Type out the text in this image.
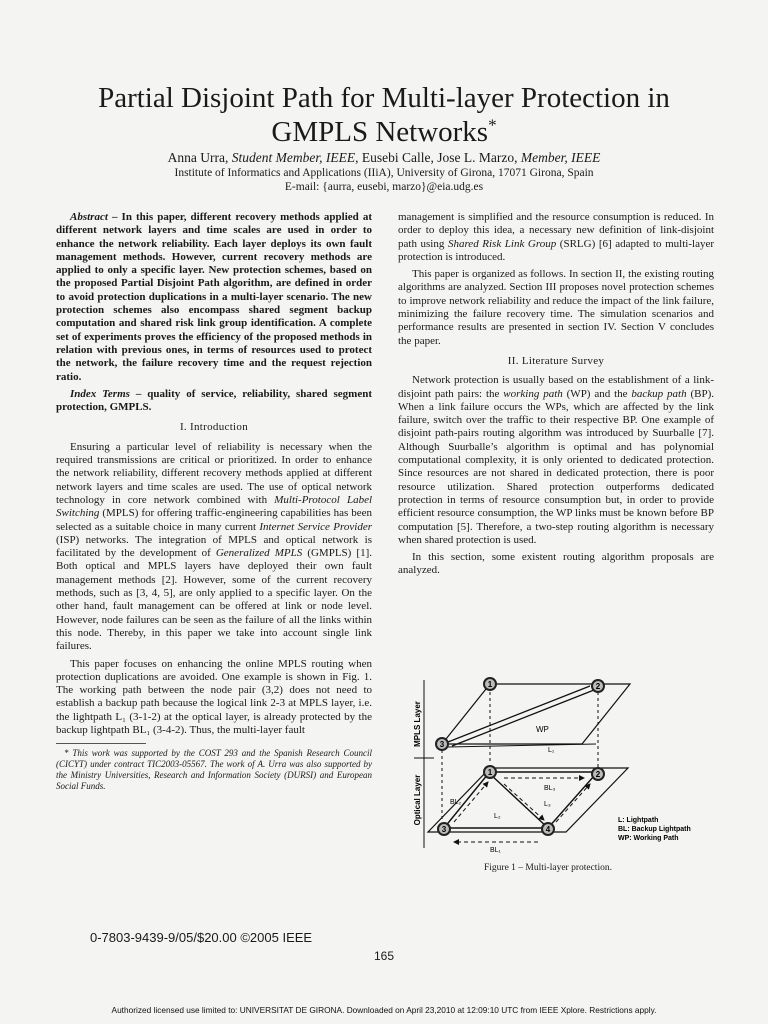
Partial Disjoint Path for Multi-layer Protection in
GMPLS Networks*
Anna Urra, Student Member, IEEE, Eusebi Calle, Jose L. Marzo, Member, IEEE
Institute of Informatics and Applications (IIiA), University of Girona, 17071 Girona, Spain
E-mail: {aurra, eusebi, marzo}@eia.udg.es

Abstract – In this paper, different recovery methods applied at different network layers and time scales are used in order to enhance the network reliability. Each layer deploys its own fault management methods. However, current recovery methods are applied to only a specific layer. New protection schemes, based on the proposed Partial Disjoint Path algorithm, are defined in order to avoid protection duplications in a multi-layer scenario. The new protection schemes also encompass shared segment backup computation and shared risk link group identification. A complete set of experiments proves the efficiency of the proposed methods in relation with previous ones, in terms of resources used to protect the network, the failure recovery time and the request rejection ratio.

Index Terms – quality of service, reliability, shared segment protection, GMPLS.

I. Introduction

Ensuring a particular level of reliability is necessary when the required transmissions are critical or prioritized. In order to enhance the network reliability, different recovery methods applied at different network layers and time scales are used. The use of optical network technology in core network combined with Multi-Protocol Label Switching (MPLS) for offering traffic-engineering capabilities has been selected as a suitable choice in many current Internet Service Provider (ISP) networks. The integration of MPLS and optical network is facilitated by the development of Generalized MPLS (GMPLS) [1]. Both optical and MPLS layers have deployed their own fault management methods [2]. However, some of the current recovery methods, such as [3, 4, 5], are only applied to a specific layer. On the other hand, fault management can be offered at link or node level. However, node failures can be seen as the failure of all the links within this node. Thereby, in this paper we take into account single link failures.

This paper focuses on enhancing the online MPLS routing when protection duplications are avoided. One example is shown in Fig. 1. The working path between the node pair (3,2) does not need to establish a backup path because the logical link 2-3 at MPLS layer, i.e. the lightpath L₁ (3-1-2) at the optical layer, is already protected by the backup lightpath BL₁ (3-4-2). Thus, the multi-layer fault

* This work was supported by the COST 293 and the Spanish Research Council (CICYT) under contract TIC2003-05567. The work of A. Urra was also supported by the Ministry Universities, Research and Information Society (DURSI) and European Social Funds.

management is simplified and the resource consumption is reduced. In order to deploy this idea, a necessary new definition of link-disjoint path using Shared Risk Link Group (SRLG) [6] adapted to multi-layer protection is introduced.

This paper is organized as follows. In section II, the existing routing algorithms are analyzed. Section III proposes novel protection schemes to improve network reliability and reduce the impact of the link failure, minimizing the failure recovery time. The simulation scenarios and performance results are presented in section IV. Section V concludes the paper.

II. Literature Survey

Network protection is usually based on the establishment of a link-disjoint path pairs: the working path (WP) and the backup path (BP). When a link failure occurs the WPs, which are affected by the link failure, switch over the traffic to their respective BP. One example of disjoint path-pairs routing algorithm was introduced by Suurballe [7]. Although Suurballe’s algorithm is optimal and has polynomial computational complexity, it is only oriented to dedicated protection. Since resources are not shared in dedicated protection, there is poor resource utilization. Shared protection outperforms dedicated protection in terms of resource consumption but, in order to provide efficient resource consumption, the WP links must be known before BP computation [5]. Therefore, a two-step routing algorithm is necessary when shared protection is used.

In this section, some existent routing algorithm proposals are analyzed.

MPLS Layer
Optical Layer
WP
L₁
BL₃
BL₂
L₂
L₃
BL₁
1	2
3
1	2
3	4
L: Lightpath
BL: Backup Lightpath
WP: Working Path
Figure 1 – Multi-layer protection.
0-7803-9439-9/05/$20.00 ©2005 IEEE
165
Authorized licensed use limited to: UNIVERSITAT DE GIRONA. Downloaded on April 23,2010 at 12:09:10 UTC from IEEE Xplore. Restrictions apply.
